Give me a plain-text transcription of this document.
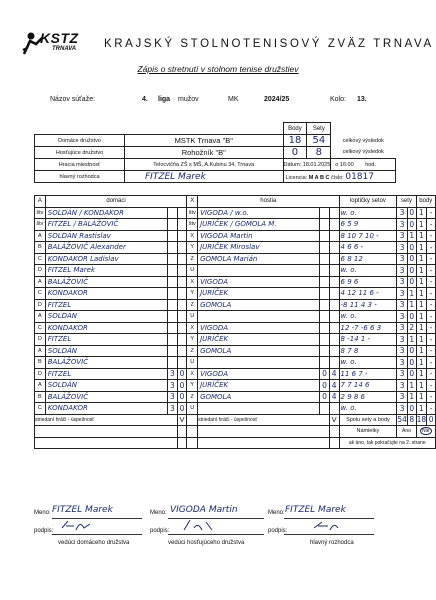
KSTZ
TRNAVA KRAJSKÝ STOLNOTENISOVÝ ZVÄZ TRNAVA
Zápis o stretnutí v stolnom tenise družstiev
Názov súťaže:	4. liga mužov	MK	2024/25	Kolo: 13.
		Body	Sety	
Domáce družstvo	MSTK Trnava "B"	18	54	celkový výsledok
Hosťujúce družstvo	Rohožník "B"	0	8	celkový výsledok
Hracia miestnosť	Telocvičňa ZŠ s MŠ, A.Kubinu 34, Trnava	Dátum: 18.01.2025		o 16:00 hod.
hlavný rozhodca	FITZEL Marek	Licencia: M A B C číslo: 01817		
A	domáci			X	hostia			loptičky setov	sety		body	
štv	SOLDÁN / KONDAKOR			štv	VIGODA / w.o.			w. o.	3	0	1	-
štv	FITZEL / BALÁŽOVIČ			štv	JURÍČEK / GOMOLA M.			6 5 9	3	0	1	-
A	SOLDÁN Rastislav			X	VIGODA Martin			8 10 7 10 -	3	1	1	-
B	BALÁŽOVIČ Alexander			Y	JURÍČEK Miroslav			4 6 6 -	3	0	1	-
C	KONDAKOR Ladislav			Z	GOMOLA Marián			6 8 12	3	0	1	-
D	FITZEL Marek			U				w. o.	3	0	1	-
A	BALÁŽOVIČ			X	VIGODA			6 9 6	3	0	1	-
C	KONDAKOR			Y	JURÍČEK			4 12 11 6 -	3	1	1	-
D	FITZEL			Z	GOMOLA			-8 11 4 3 -	3	1	1	-
A	SOLDÁN			U				w. o.	3	0	1	-
C	KONDAKOR			X	VIGODA			12 -7 -6 6 3	3	2	1	-
D	FITZEL			Y	JURÍČEK			8 -14 1 -	3	1	1	-
A	SOLDÁN			Z	GOMOLA			8 7 8	3	0	1	-
B	BALÁŽOVIČ			U				w. o.	3	0	1	-
D	FITZEL	3	0	X	VIGODA	0	4	11 6 7 -	3	0	1	-
A	SOLDÁN	3	0	Y	JURÍČEK	0	4	7 7 14 6	3	1	1	-
B	BALÁŽOVIČ	3	0	Z	GOMOLA	0	4	2 9 8 6	3	1	1	-
C	KONDAKOR	3	0	U				w. o.	3	0	1	-
striedaní hráči - úspešnosť			V		striedaní hráči - úspešnosť		V	Spolu sety a body	54	8	18	0
								Námietky	Áno		Nie	
								ak áno, tak pokračujte na 2. strane				
Meno: FITZEL Marek
podpis:
vedúci domáceho družstva
Meno: VIGODA Martin
podpis:
vedúci hosťujúceho družstva
Meno: FITZEL Marek
podpis:
hlavný rozhodca
